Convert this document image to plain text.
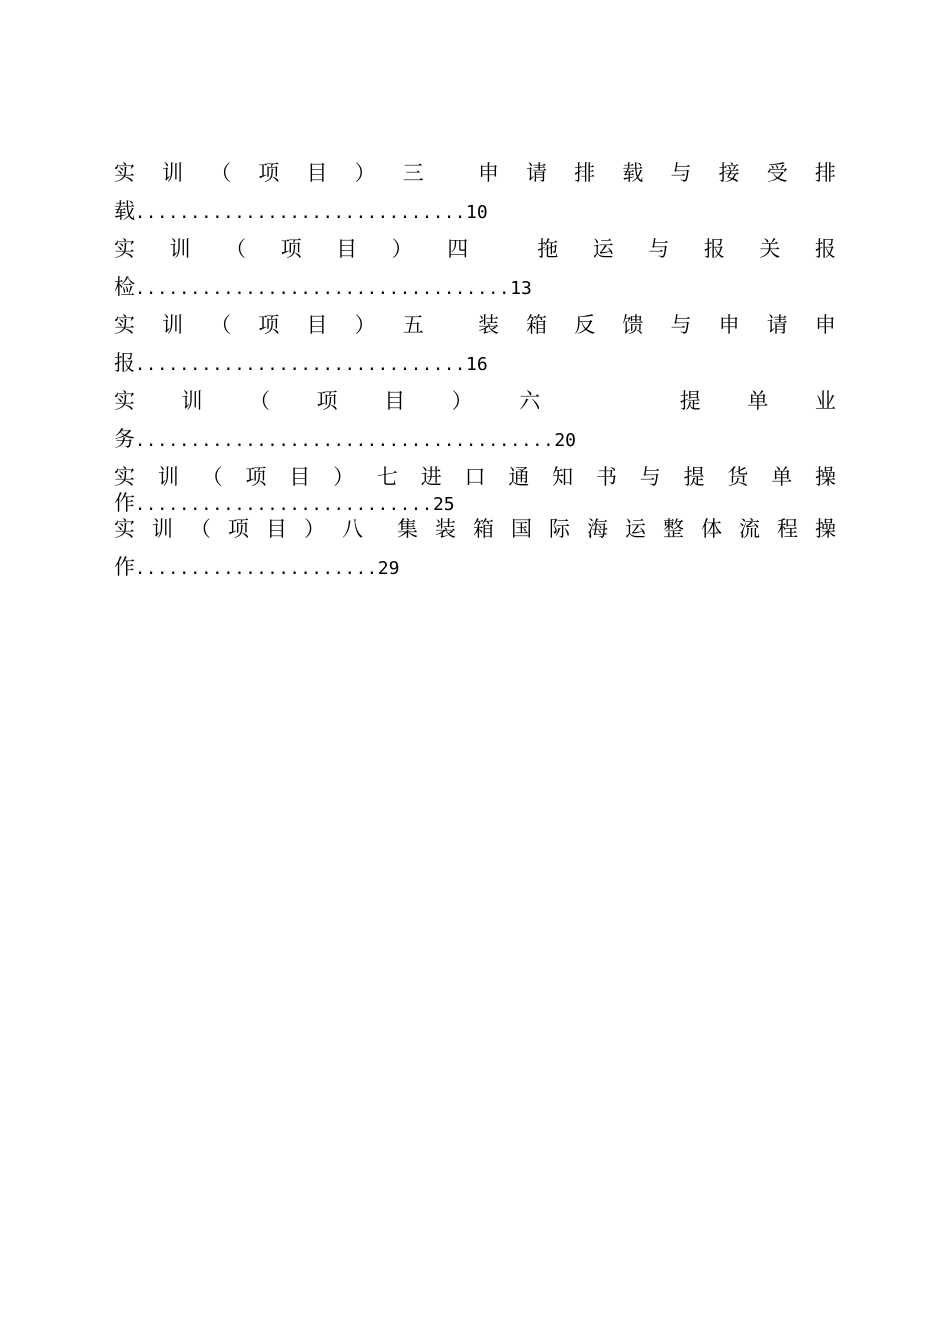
实 训 （ 项 目 ） 三	申 请 排 载 与 接 受 排
载..............................10
实 训 （ 项 目 ） 四	拖 运 与 报 关 报
检..................................13
实 训 （ 项 目 ） 五	装 箱 反 馈 与 申 请 申
报..............................16
实 训 （ 项 目 ） 六	提 单 业
务......................................20
实 训 （ 项 目 ） 七 进 口 通 知 书 与 提 货 单 操
作...........................25
实 训 （ 项 目 ） 八 集 装 箱 国 际 海 运 整 体 流 程 操
作......................29
